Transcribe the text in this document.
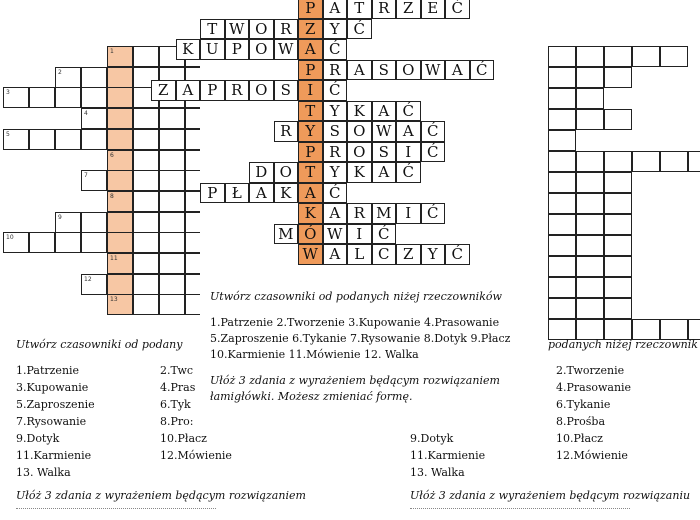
1
2
3
4
5
6
7
8
9
10
11
12
13
Utwórz czasowniki od podany
1.Patrzenie
3.Kupowanie
5.Zaproszenie
7.Rysowanie
9.Dotyk
11.Karmienie
13. Walka
2.Twc
4.Pras
6.Tyk
8.Pro:
10.Płacz
12.Mówienie
Ułóż 3 zdania z wyrażeniem będącym rozwiązaniem
podanych niżej rzeczownik
9.Dotyk
11.Karmienie
13. Walka
2.Tworzenie
4.Prasowanie
6.Tykanie
8.Prośba
10.Płacz
12.Mówienie
Ułóż 3 zdania z wyrażeniem będącym rozwiązaniu
P A T R Z E Ć
T W O R Z Y Ć
K U P O W A Ć
P R A S O W A Ć
Z A P R O S	I	Ć
T Y K A Ć
R Y S O W A Ć
P R O S	I	Ć
D O T Y K A Ć
P Ł A K A Ć
K A R M I	Ć
M Ó W I	Ć
W A L C Z Y Ć
Utwórz czasowniki od podanych niżej rzeczowników
1.Patrzenie 2.Tworzenie 3.Kupowanie 4.Prasowanie
5.Zaproszenie 6.Tykanie 7.Rysowanie 8.Dotyk 9.Płacz
10.Karmienie 11.Mówienie 12. Walka
Ułóż 3 zdania z wyrażeniem będącym rozwiązaniem
łamigłówki. Możesz zmieniać formę.
